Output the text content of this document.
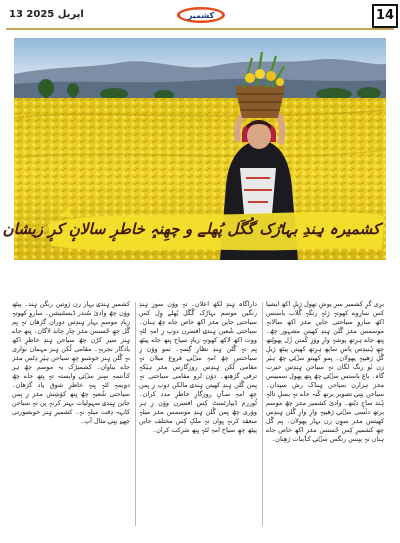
13 اپریل 2025	کشمیر	14
کشمیرہ ہِندِ بہارُک گُگَل پُھلے و چھِنہٕ خاطرٕ سالانٕ کرٕ زیشان

برِی گرٕ کشمیر سرِ پوشِ تھول ژیلٕ اکھ ایشیا کس سارِوے کھوتہٕ ژِٹہٕ رنگہٕ گُلاب باسنس اکھ ساروٕ سیاحتی جاین منٛز اکھ سالانہٕ موسمس منٛز گُلن ہٕندِ کھیتن مشہور چھُ۔ یِتھ جاے ہرِتھ پوشہٕ وارِ ووٚزِ کُمتن ژٔل پھولِتھ چھِ ہُنیدِس پاسِ ساپھ ہرِتھ کھیتن پیٹھ ژیلٕ گُلِ ژھیپہٕ پھولان۔ یِمو کھیتو سۭتۍ چھُ ہیٚر زن نٔو رنگ لگان تہٕ سیاحن ہٕندِس حیرت گاہ۔ باغ باسنس سۭتۍ چھُ یِتھ پھول سمییس منٛز ہزارن سیاحن ہٕندُک رش سپدان۔ سیاحن پنٕنۍ تصویر پرتھ کُنہ جاے تہٕ بسلٕ تالہٕ ہُند ساجٕ دیُتھ۔ وادیٔ کشمیر منٛز چھُ موسم پرتھ دئٚسی سۭتۍ ژھیپہٕ وارٕ وارٕ گُلن ہٕندِس کھیتس منٛز سوٕن زن بہار پھولان۔ یِم گُل چھِ کشمیرٕ کِس حُسنس منٛز اکھ خاص جاے ہنان تہٕ پنٕنس رنگس سۭتۍ کٲینات ژھٕنان۔

داراگاہ ہٕندِ لکھ اعلان۔ تہٕ ووٚن سوزِ ہٕندِ رنگین موسم بہارُک گُگَل پُھلے وٕل کس سیاحتی جاین منٛز اکھ خاص جاے چھُ ہنان۔ سیاحتی شُعبن ہٕندۍ افسرن دوپ زِ امہِ لٹہٕ ووت اکھ لاکھ کھوتہٕ زیادٕ سیاح یِتھ جاے پیٹھ یِم تہٕ گُلن ہٕندِ نظارٕ گِسہٕ۔ تمو ووٚن زِ سیاحتس چھُ امہِ سۭتۍ فروغ میلان تہٕ مقامی لُکن ہٕندِس روزگارس منٛز ہیٚکہٕ ترقی گژھِتھ۔ دوٚن تُرو مقامی سیاحتی تہٕ یِمن گُلن ہٕندِ کھیتن ہٕندۍ مالکن دوپ زِ یِمن چھِ امہِ سٲنِ روزگارٕ خاطرٕ مدد کران۔ ٹُورزم ڈیپارٹمنٹ کِس افسرن ووٚن زِ ہر ووٚری چھُ یِمن گُلن ہٕندِ موسمس منٛز میلہٕ منعقد کرنہٕ یِوان تہٕ ملکٕ کِس مختلف جاین پیٹھ چھِ سیاح امہِ لٹہٕ یِتِھ شرکت کران۔

کشمیرِ ہٕندۍ بہار زن ژوتین رنگن ہٕند۔ پیٹھ ووٚن چھُ وادیٔ سُندر ڈیسٹنیشن۔ ساروٕ کھوتہٕ زیادٕ موسمِ بہار ہٕندِس دوران گژھان تہٕ یِم گُل چھِ حُسنس منٛز چار چاند لاگان۔ یِتھ جاے ہٕنز سیر کرُن چھُ سیاحن ہٕندِ خاطرٕ اکھ یادگار تجربہٕ۔ مقامی لُکن ہٕنز مہمان نوازی تہٕ گُلن ہٕنز خوشبو چھِ سیاحن ہیٚرِ دِلس منٛز جاے بناوان۔ کشمیرُک یہ موسم چھُ ہر کٲنسہِ سٕنز سۭتۍ وابستہ تہٕ یِتھ جاے چھُ دۄیمہِ لٹہٕ یِنہٕ خاطرٕ شوق پاد گژھان۔ سیاحتی شُعبہٕ چھُ یِتھ کوٚشِش منٛز زِ یِمن جاین ہٕندۍ سہولیات بہتر کرنہٕ یِن تہٕ سیاحن کانہہ دِقت میلہٕ نہٕ۔ کشمیرِ ہٕنز خوبصورتی چھےٚ پنٕنۍ مثال آپ۔
